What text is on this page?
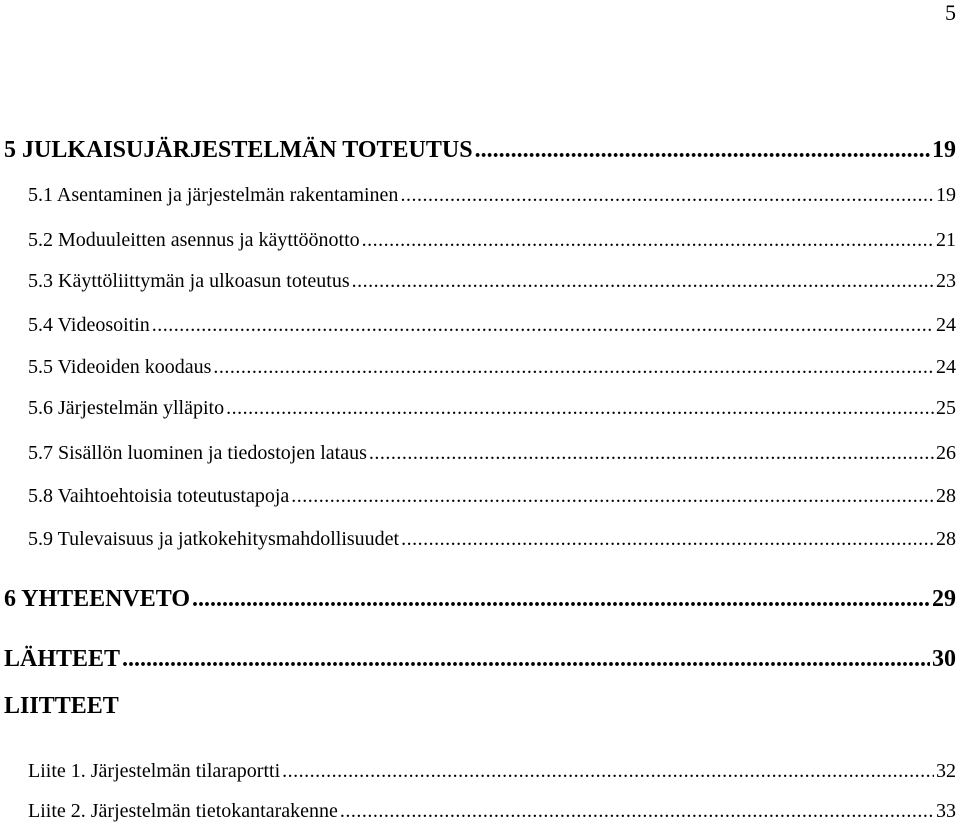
5
5 JULKAISUJÄRJESTELMÄN TOTEUTUS .....	19
5.1 Asentaminen ja järjestelmän rakentaminen .....	19
5.2 Moduuleitten asennus ja käyttöönotto .....	21
5.3 Käyttöliittymän ja ulkoasun toteutus .....	23
5.4 Videosoitin .....	24
5.5 Videoiden koodaus .....	24
5.6 Järjestelmän ylläpito .....	25
5.7 Sisällön luominen ja tiedostojen lataus .....	26
5.8 Vaihtoehtoisia toteutustapoja .....	28
5.9 Tulevaisuus ja jatkokehitysmahdollisuudet .....	28
6 YHTEENVETO .....	29
LÄHTEET .....	30
LIITTEET
Liite 1. Järjestelmän tilaraportti .....	32
Liite 2. Järjestelmän tietokantarakenne .....	33
